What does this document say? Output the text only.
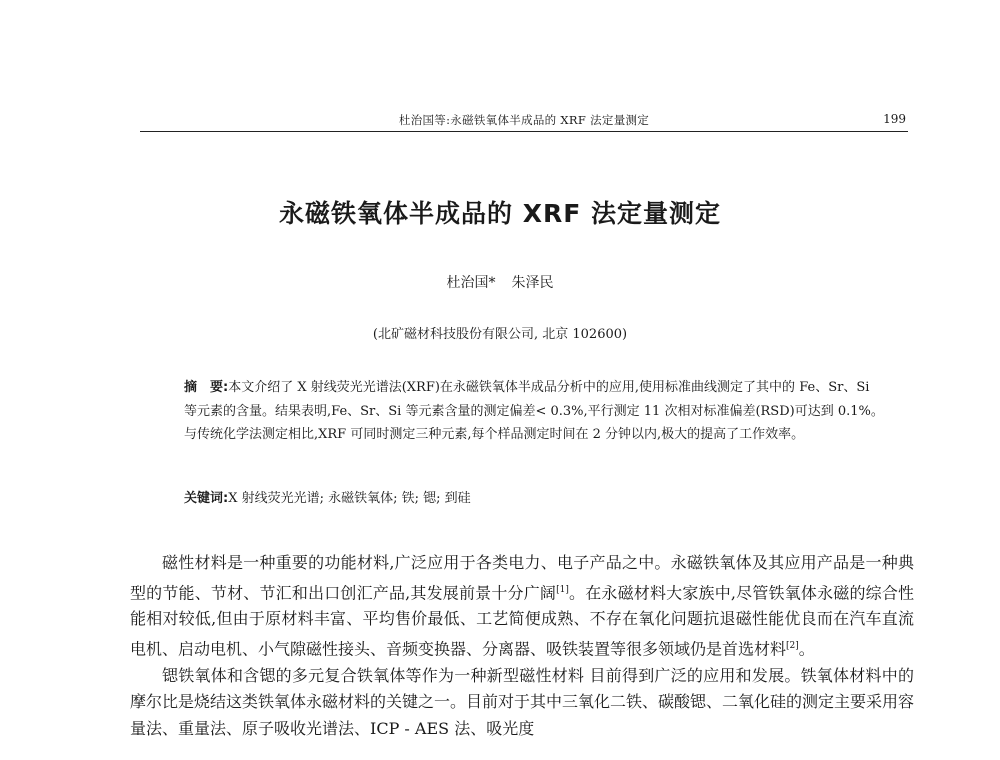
杜治国等:永磁铁氧体半成品的 XRF 法定量测定	199
永磁铁氧体半成品的 XRF 法定量测定
杜治国* 朱泽民
(北矿磁材科技股份有限公司, 北京 102600)
摘　要:本文介绍了 X 射线荧光光谱法(XRF)在永磁铁氧体半成品分析中的应用,使用标准曲线测定了其中的 Fe、Sr、Si 等元素的含量。结果表明,Fe、Sr、Si 等元素含量的测定偏差< 0.3%,平行测定 11 次相对标准偏差(RSD)可达到 0.1%。与传统化学法测定相比,XRF 可同时测定三种元素,每个样品测定时间在 2 分钟以内,极大的提高了工作效率。
关键词:X 射线荧光光谱; 永磁铁氧体; 铁; 锶; 到硅

磁性材料是一种重要的功能材料,广泛应用于各类电力、电子产品之中。永磁铁氧体及其应用产品是一种典型的节能、节材、节汇和出口创汇产品,其发展前景十分广阔[1]。在永磁材料大家族中,尽管铁氧体永磁的综合性能相对较低,但由于原材料丰富、平均售价最低、工艺简便成熟、不存在氧化问题抗退磁性能优良而在汽车直流电机、启动电机、小气隙磁性接头、音频变换器、分离器、吸铁装置等很多领域仍是首选材料[2]。

锶铁氧体和含锶的多元复合铁氧体等作为一种新型磁性材料 目前得到广泛的应用和发展。铁氧体材料中的摩尔比是烧结这类铁氧体永磁材料的关键之一。目前对于其中三氧化二铁、碳酸锶、二氧化硅的测定主要采用容量法、重量法、原子吸收光谱法、ICP - AES 法、吸光度
